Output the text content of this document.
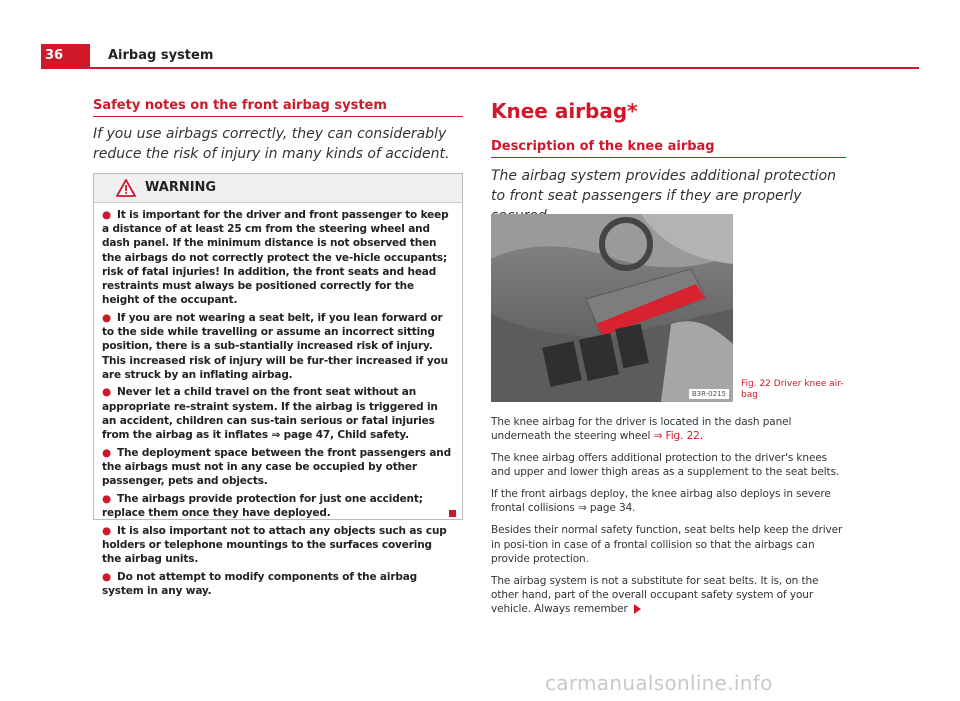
36	Airbag system
Safety notes on the front airbag system
If you use airbags correctly, they can considerably reduce the risk of injury in many kinds of accident.
WARNING
● It is important for the driver and front passenger to keep a distance of at least 25 cm from the steering wheel and dash panel. If the minimum distance is not observed then the airbags do not correctly protect the ve-hicle occupants; risk of fatal injuries! In addition, the front seats and head restraints must always be positioned correctly for the height of the occupant.
● If you are not wearing a seat belt, if you lean forward or to the side while travelling or assume an incorrect sitting position, there is a sub-stantially increased risk of injury. This increased risk of injury will be fur-ther increased if you are struck by an inflating airbag.
● Never let a child travel on the front seat without an appropriate re-straint system. If the airbag is triggered in an accident, children can sus-tain serious or fatal injuries from the airbag as it inflates ⇒ page 47, Child safety.
● The deployment space between the front passengers and the airbags must not in any case be occupied by other passenger, pets and objects.
● The airbags provide protection for just one accident; replace them once they have deployed.
● It is also important not to attach any objects such as cup holders or telephone mountings to the surfaces covering the airbag units.
● Do not attempt to modify components of the airbag system in any way.
Knee airbag*
Description of the knee airbag
The airbag system provides additional protection to front seat passengers if they are properly
B3R-0215
Fig. 22 Driver knee air-bag

The knee airbag for the driver is located in the dash panel underneath the steering wheel ⇒ Fig. 22.

The knee airbag offers additional protection to the driver's knees and upper and lower thigh areas as a supplement to the seat belts.

If the front airbags deploy, the knee airbag also deploys in severe frontal collisions ⇒ page 34.

Besides their normal safety function, seat belts help keep the driver in posi-tion in case of a frontal collision so that the airbags can provide protection.

The airbag system is not a substitute for seat belts. It is, on the other hand, part of the overall occupant safety system of your vehicle. Always remember

carmanualsonline.info
